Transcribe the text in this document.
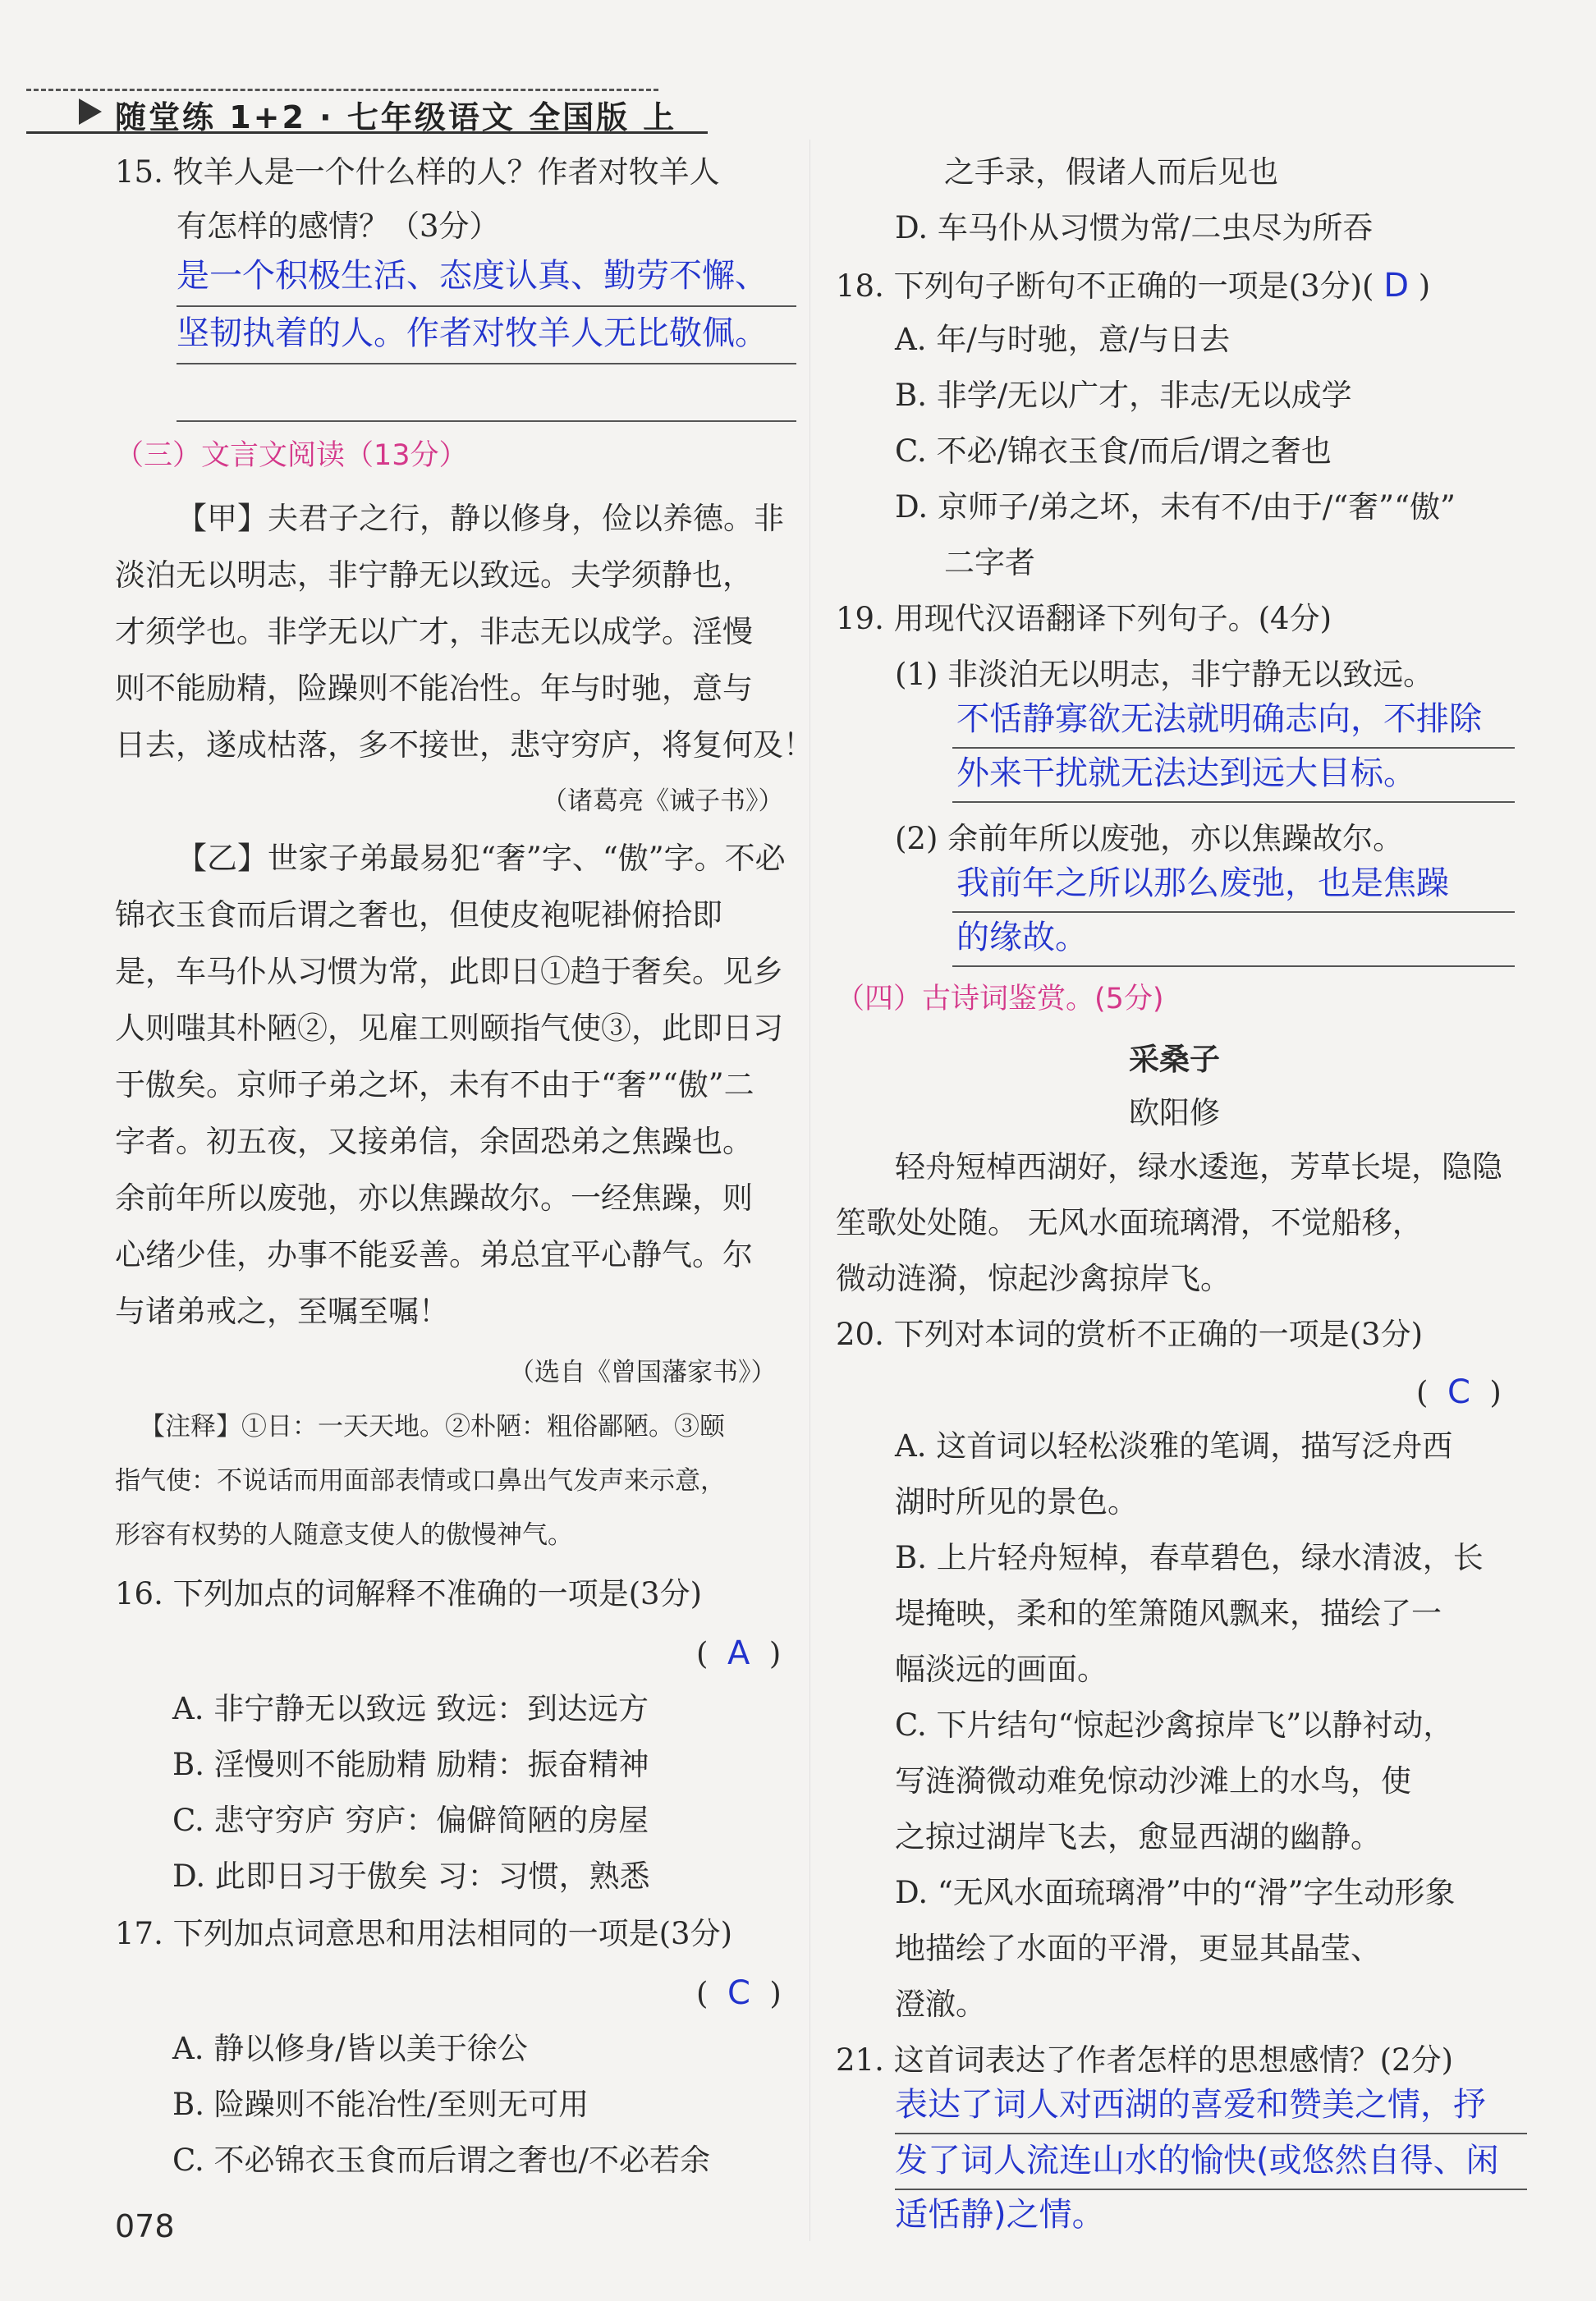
随堂练 1+2 · 七年级语文 全国版 上
15. 牧羊人是一个什么样的人？作者对牧羊人
有怎样的感情？（3分）
是一个积极生活、态度认真、勤劳不懈、
坚韧执着的人。作者对牧羊人无比敬佩。
（三）文言文阅读（13分）
【甲】夫君子之行，静以修身，俭以养德。非
淡泊无以明志，非宁静无以致远。夫学须静也，
才须学也。非学无以广才，非志无以成学。淫慢
则不能励精，险躁则不能冶性。年与时驰，意与
日去，遂成枯落，多不接世，悲守穷庐，将复何及！
（诸葛亮《诫子书》）
【乙】世家子弟最易犯“奢”字、“傲”字。不必
锦衣玉食而后谓之奢也，但使皮袍呢褂俯拾即
是，车马仆从习惯为常，此即日①趋于奢矣。见乡
人则嗤其朴陋②，见雇工则颐指气使③，此即日习
于傲矣。京师子弟之坏，未有不由于“奢”“傲”二
字者。初五夜，又接弟信，余固恐弟之焦躁也。
余前年所以废弛，亦以焦躁故尔。一经焦躁，则
心绪少佳，办事不能妥善。弟总宜平心静气。尔
与诸弟戒之，至嘱至嘱！
（选自《曾国藩家书》）
【注释】①日：一天天地。②朴陋：粗俗鄙陋。③颐
指气使：不说话而用面部表情或口鼻出气发声来示意，
形容有权势的人随意支使人的傲慢神气。
16. 下列加点的词解释不准确的一项是(3分)
(  A  )
A. 非宁静无以致远 致远：到达远方
B. 淫慢则不能励精 励精：振奋精神
C. 悲守穷庐 穷庐：偏僻简陋的房屋
D. 此即日习于傲矣 习：习惯，熟悉
17. 下列加点词意思和用法相同的一项是(3分)
(  C  )
A. 静以修身/皆以美于徐公
B. 险躁则不能冶性/至则无可用
C. 不必锦衣玉食而后谓之奢也/不必若余
之手录，假诸人而后见也
D. 车马仆从习惯为常/二虫尽为所吞
18. 下列句子断句不正确的一项是(3分)( D )
A. 年/与时驰，意/与日去
B. 非学/无以广才，非志/无以成学
C. 不必/锦衣玉食/而后/谓之奢也
D. 京师子/弟之坏，未有不/由于/“奢”“傲”
二字者
19. 用现代汉语翻译下列句子。(4分)
(1) 非淡泊无以明志，非宁静无以致远。
不恬静寡欲无法就明确志向，不排除
外来干扰就无法达到远大目标。
(2) 余前年所以废弛，亦以焦躁故尔。
我前年之所以那么废弛，也是焦躁
的缘故。
（四）古诗词鉴赏。(5分)
采桑子
欧阳修
轻舟短棹西湖好，绿水逶迤，芳草长堤，隐隐
笙歌处处随。 无风水面琉璃滑，不觉船移，
微动涟漪，惊起沙禽掠岸飞。
20. 下列对本词的赏析不正确的一项是(3分)
(  C  )
A. 这首词以轻松淡雅的笔调，描写泛舟西
湖时所见的景色。
B. 上片轻舟短棹，春草碧色，绿水清波，长
堤掩映，柔和的笙箫随风飘来，描绘了一
幅淡远的画面。
C. 下片结句“惊起沙禽掠岸飞”以静衬动，
写涟漪微动难免惊动沙滩上的水鸟，使
之掠过湖岸飞去，愈显西湖的幽静。
D. “无风水面琉璃滑”中的“滑”字生动形象
地描绘了水面的平滑，更显其晶莹、
澄澈。
21. 这首词表达了作者怎样的思想感情？(2分)
表达了词人对西湖的喜爱和赞美之情，抒
发了词人流连山水的愉快(或悠然自得、闲
适恬静)之情。
078
